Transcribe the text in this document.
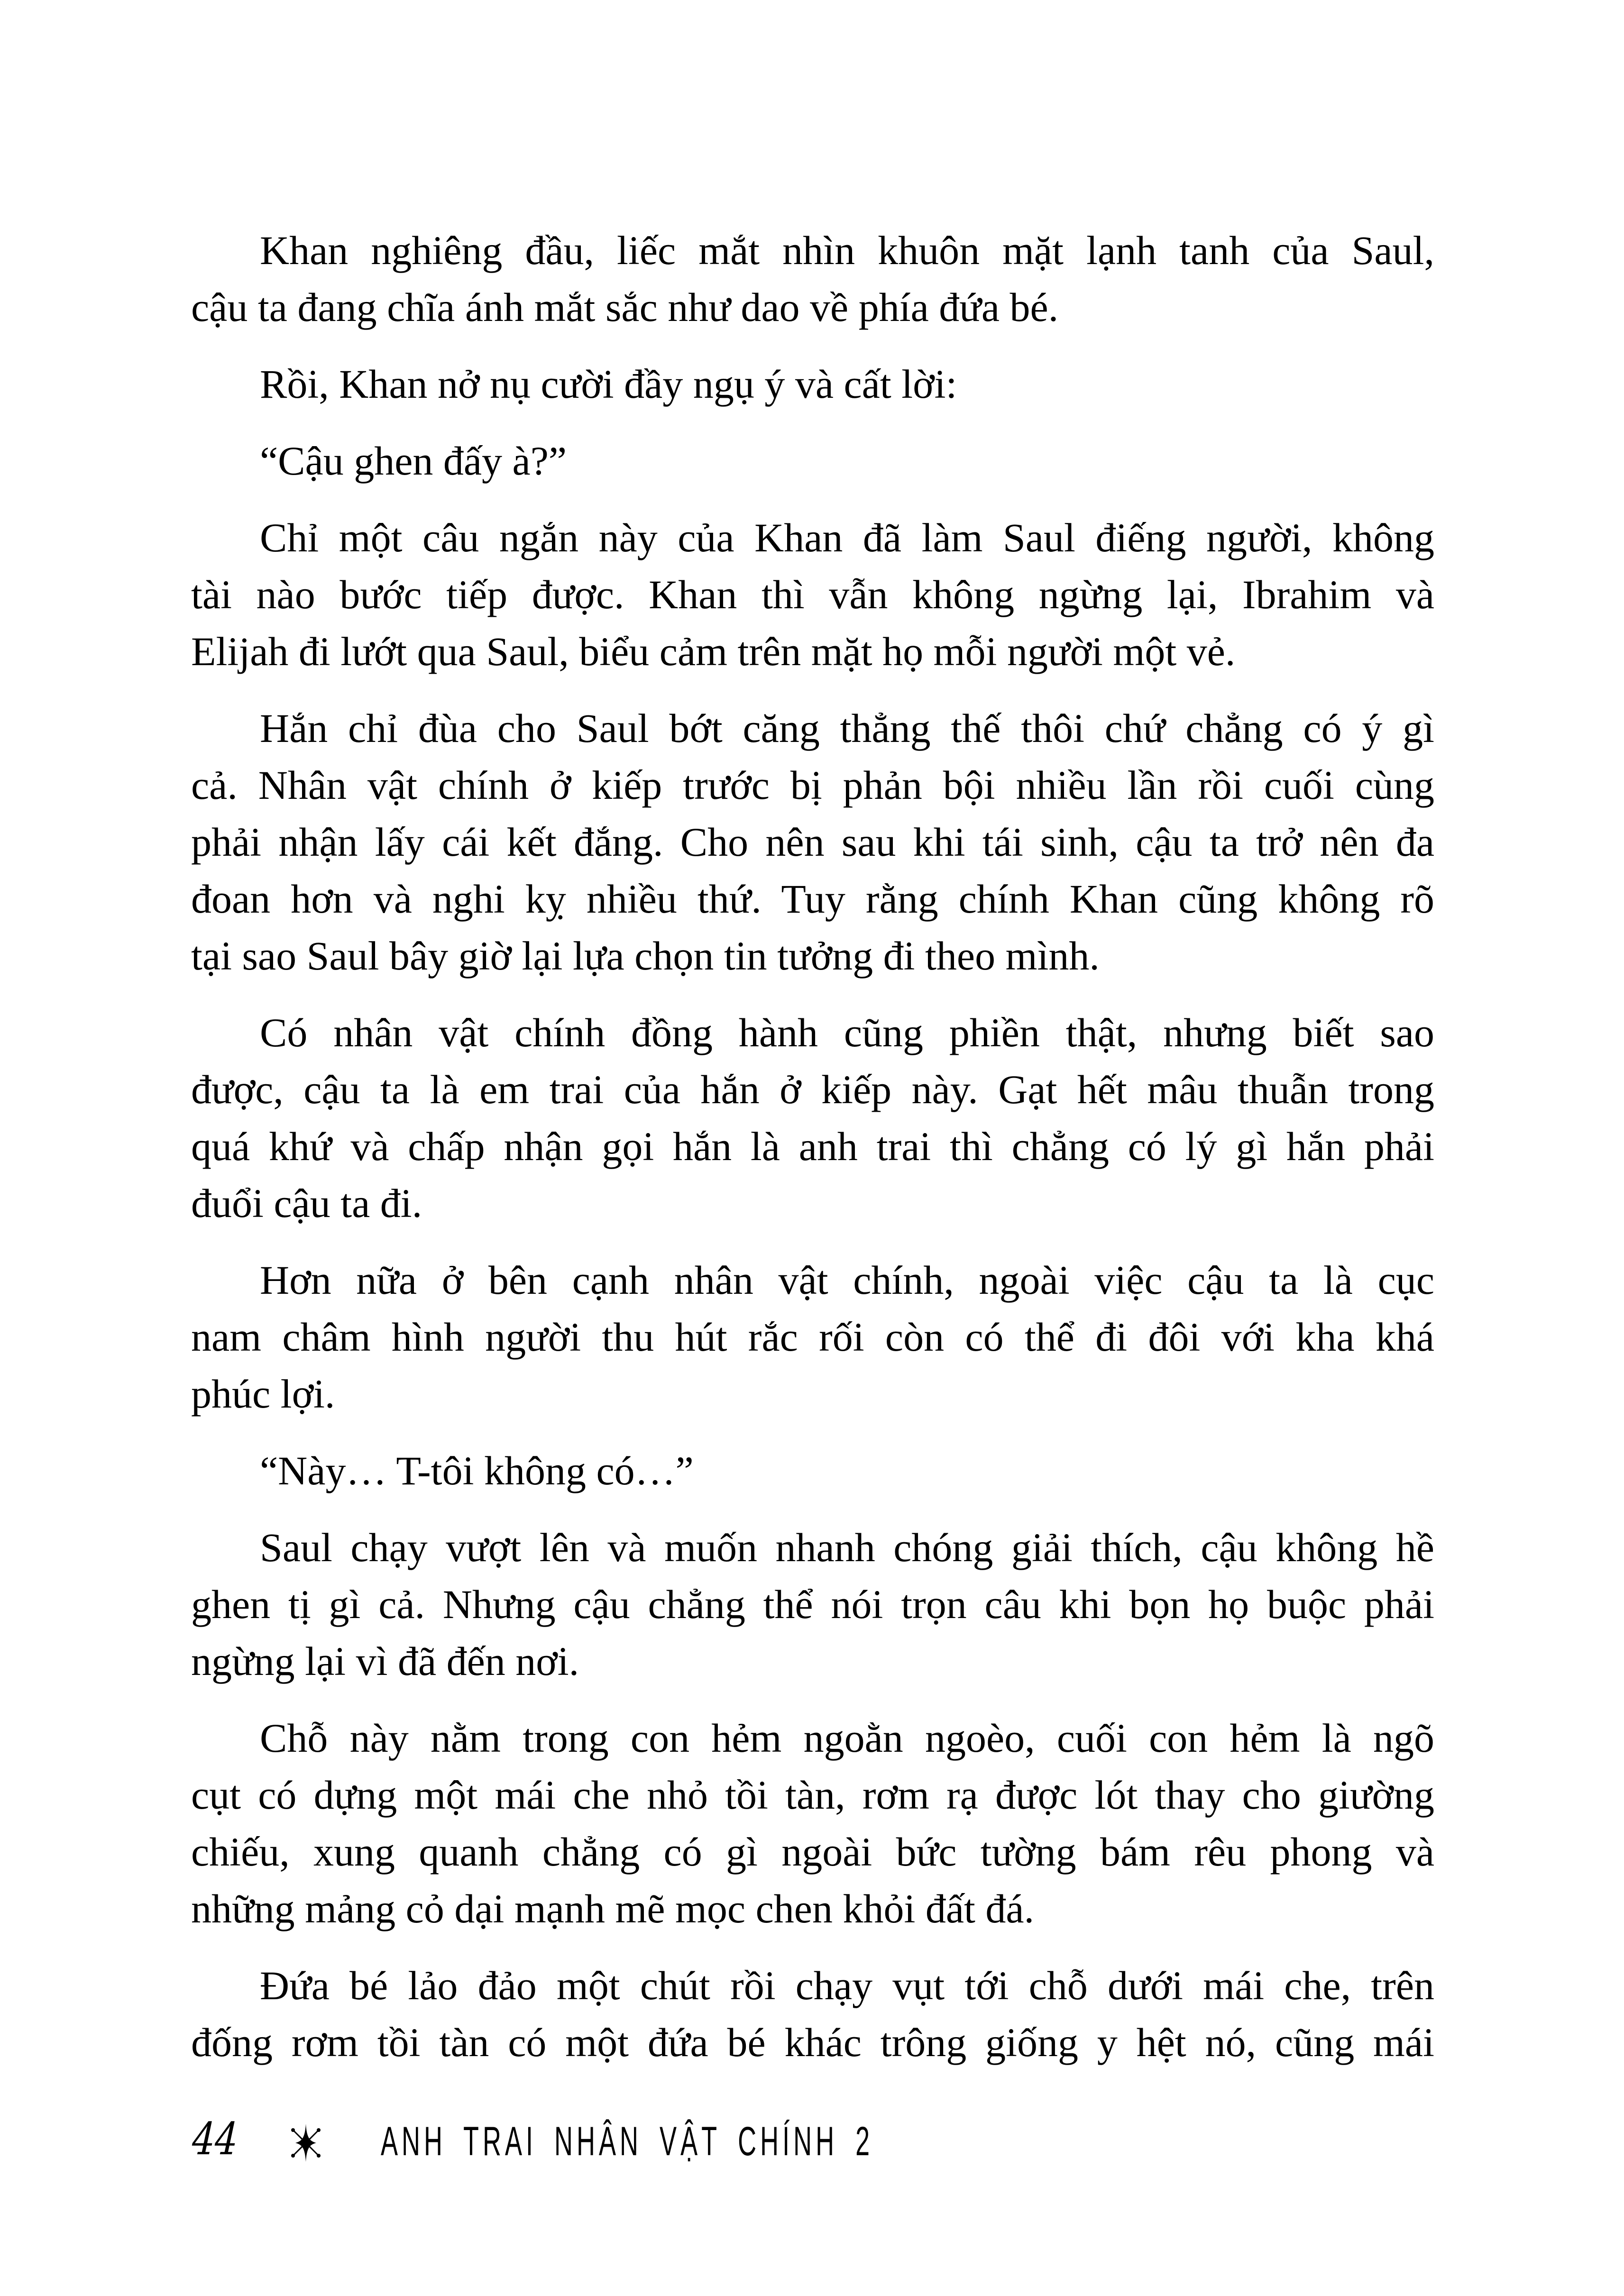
Khan nghiêng đầu, liếc mắt nhìn khuôn mặt lạnh tanh của Saul,
cậu ta đang chĩa ánh mắt sắc như dao về phía đứa bé.

Rồi, Khan nở nụ cười đầy ngụ ý và cất lời:

“Cậu ghen đấy à?”

Chỉ một câu ngắn này của Khan đã làm Saul điếng người, không
tài nào bước tiếp được. Khan thì vẫn không ngừng lại, Ibrahim và
Elijah đi lướt qua Saul, biểu cảm trên mặt họ mỗi người một vẻ.

Hắn chỉ đùa cho Saul bớt căng thẳng thế thôi chứ chẳng có ý gì
cả. Nhân vật chính ở kiếp trước bị phản bội nhiều lần rồi cuối cùng
phải nhận lấy cái kết đắng. Cho nên sau khi tái sinh, cậu ta trở nên đa
đoan hơn và nghi kỵ nhiều thứ. Tuy rằng chính Khan cũng không rõ
tại sao Saul bây giờ lại lựa chọn tin tưởng đi theo mình.

Có nhân vật chính đồng hành cũng phiền thật, nhưng biết sao
được, cậu ta là em trai của hắn ở kiếp này. Gạt hết mâu thuẫn trong
quá khứ và chấp nhận gọi hắn là anh trai thì chẳng có lý gì hắn phải
đuổi cậu ta đi.

Hơn nữa ở bên cạnh nhân vật chính, ngoài việc cậu ta là cục
nam châm hình người thu hút rắc rối còn có thể đi đôi với kha khá
phúc lợi.

“Này… T-tôi không có…”

Saul chạy vượt lên và muốn nhanh chóng giải thích, cậu không hề
ghen tị gì cả. Nhưng cậu chẳng thể nói trọn câu khi bọn họ buộc phải
ngừng lại vì đã đến nơi.

Chỗ này nằm trong con hẻm ngoằn ngoèo, cuối con hẻm là ngõ
cụt có dựng một mái che nhỏ tồi tàn, rơm rạ được lót thay cho giường
chiếu, xung quanh chẳng có gì ngoài bức tường bám rêu phong và
những mảng cỏ dại mạnh mẽ mọc chen khỏi đất đá.

Đứa bé lảo đảo một chút rồi chạy vụt tới chỗ dưới mái che, trên
đống rơm tồi tàn có một đứa bé khác trông giống y hệt nó, cũng mái

44	ANH TRAI NHÂN VẬT CHÍNH 2
